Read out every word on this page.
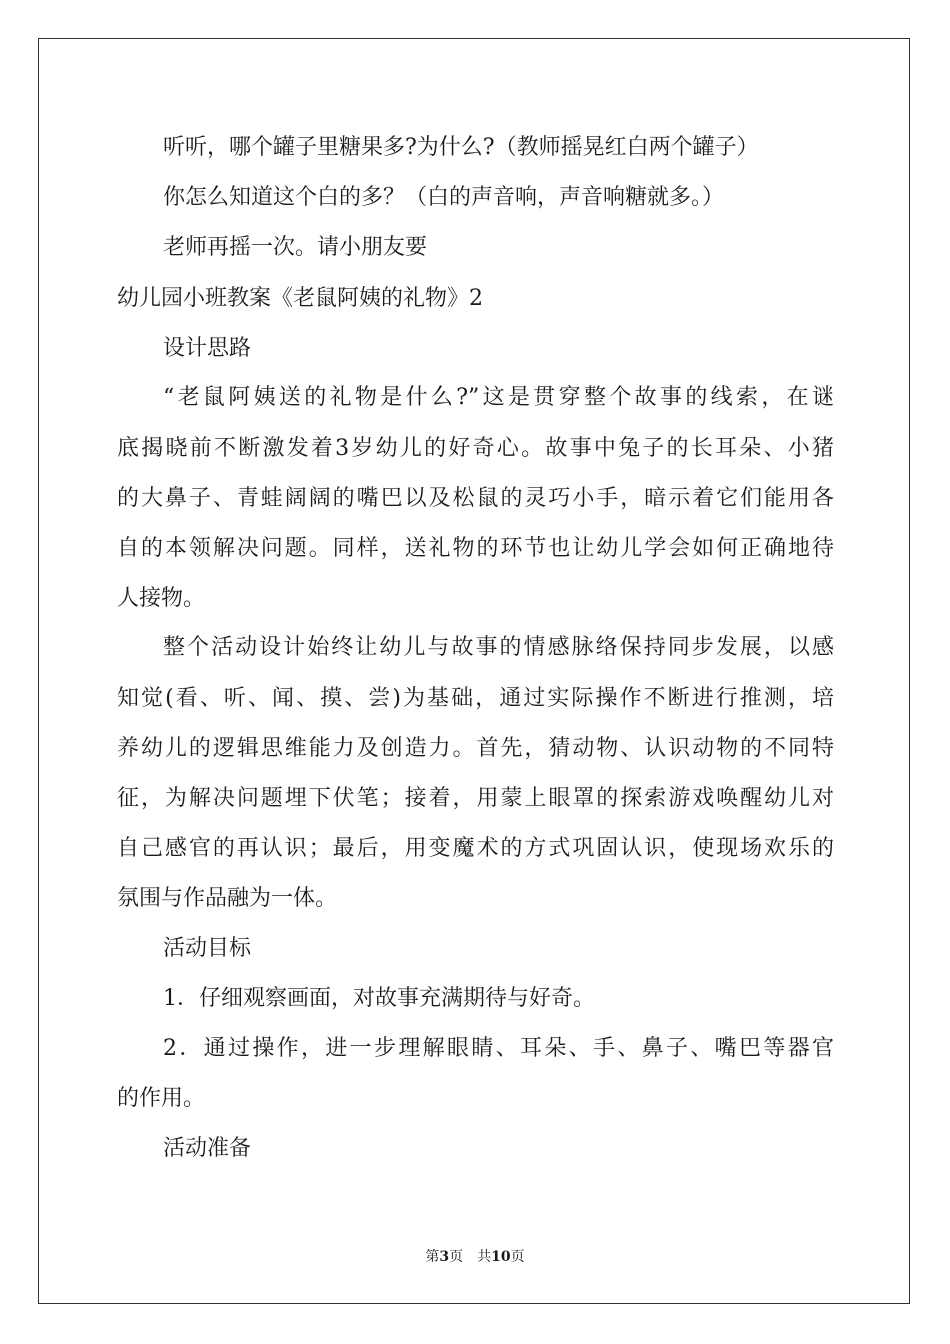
听听，哪个罐子里糖果多?为什么?（教师摇晃红白两个罐子）
你怎么知道这个白的多？（白的声音响，声音响糖就多。）
老师再摇一次。请小朋友要
幼儿园小班教案《老鼠阿姨的礼物》2
设计思路
“老鼠阿姨送的礼物是什么?”这是贯穿整个故事的线索，在谜
底揭晓前不断激发着3岁幼儿的好奇心。故事中兔子的长耳朵、小猪
的大鼻子、青蛙阔阔的嘴巴以及松鼠的灵巧小手，暗示着它们能用各
自的本领解决问题。同样，送礼物的环节也让幼儿学会如何正确地待
人接物。
整个活动设计始终让幼儿与故事的情感脉络保持同步发展，以感
知觉(看、听、闻、摸、尝)为基础，通过实际操作不断进行推测，培
养幼儿的逻辑思维能力及创造力。首先，猜动物、认识动物的不同特
征，为解决问题埋下伏笔；接着，用蒙上眼罩的探索游戏唤醒幼儿对
自己感官的再认识；最后，用变魔术的方式巩固认识，使现场欢乐的
氛围与作品融为一体。
活动目标
1．仔细观察画面，对故事充满期待与好奇。
2．通过操作，进一步理解眼睛、耳朵、手、鼻子、嘴巴等器官
的作用。
活动准备
第3页 共10页
